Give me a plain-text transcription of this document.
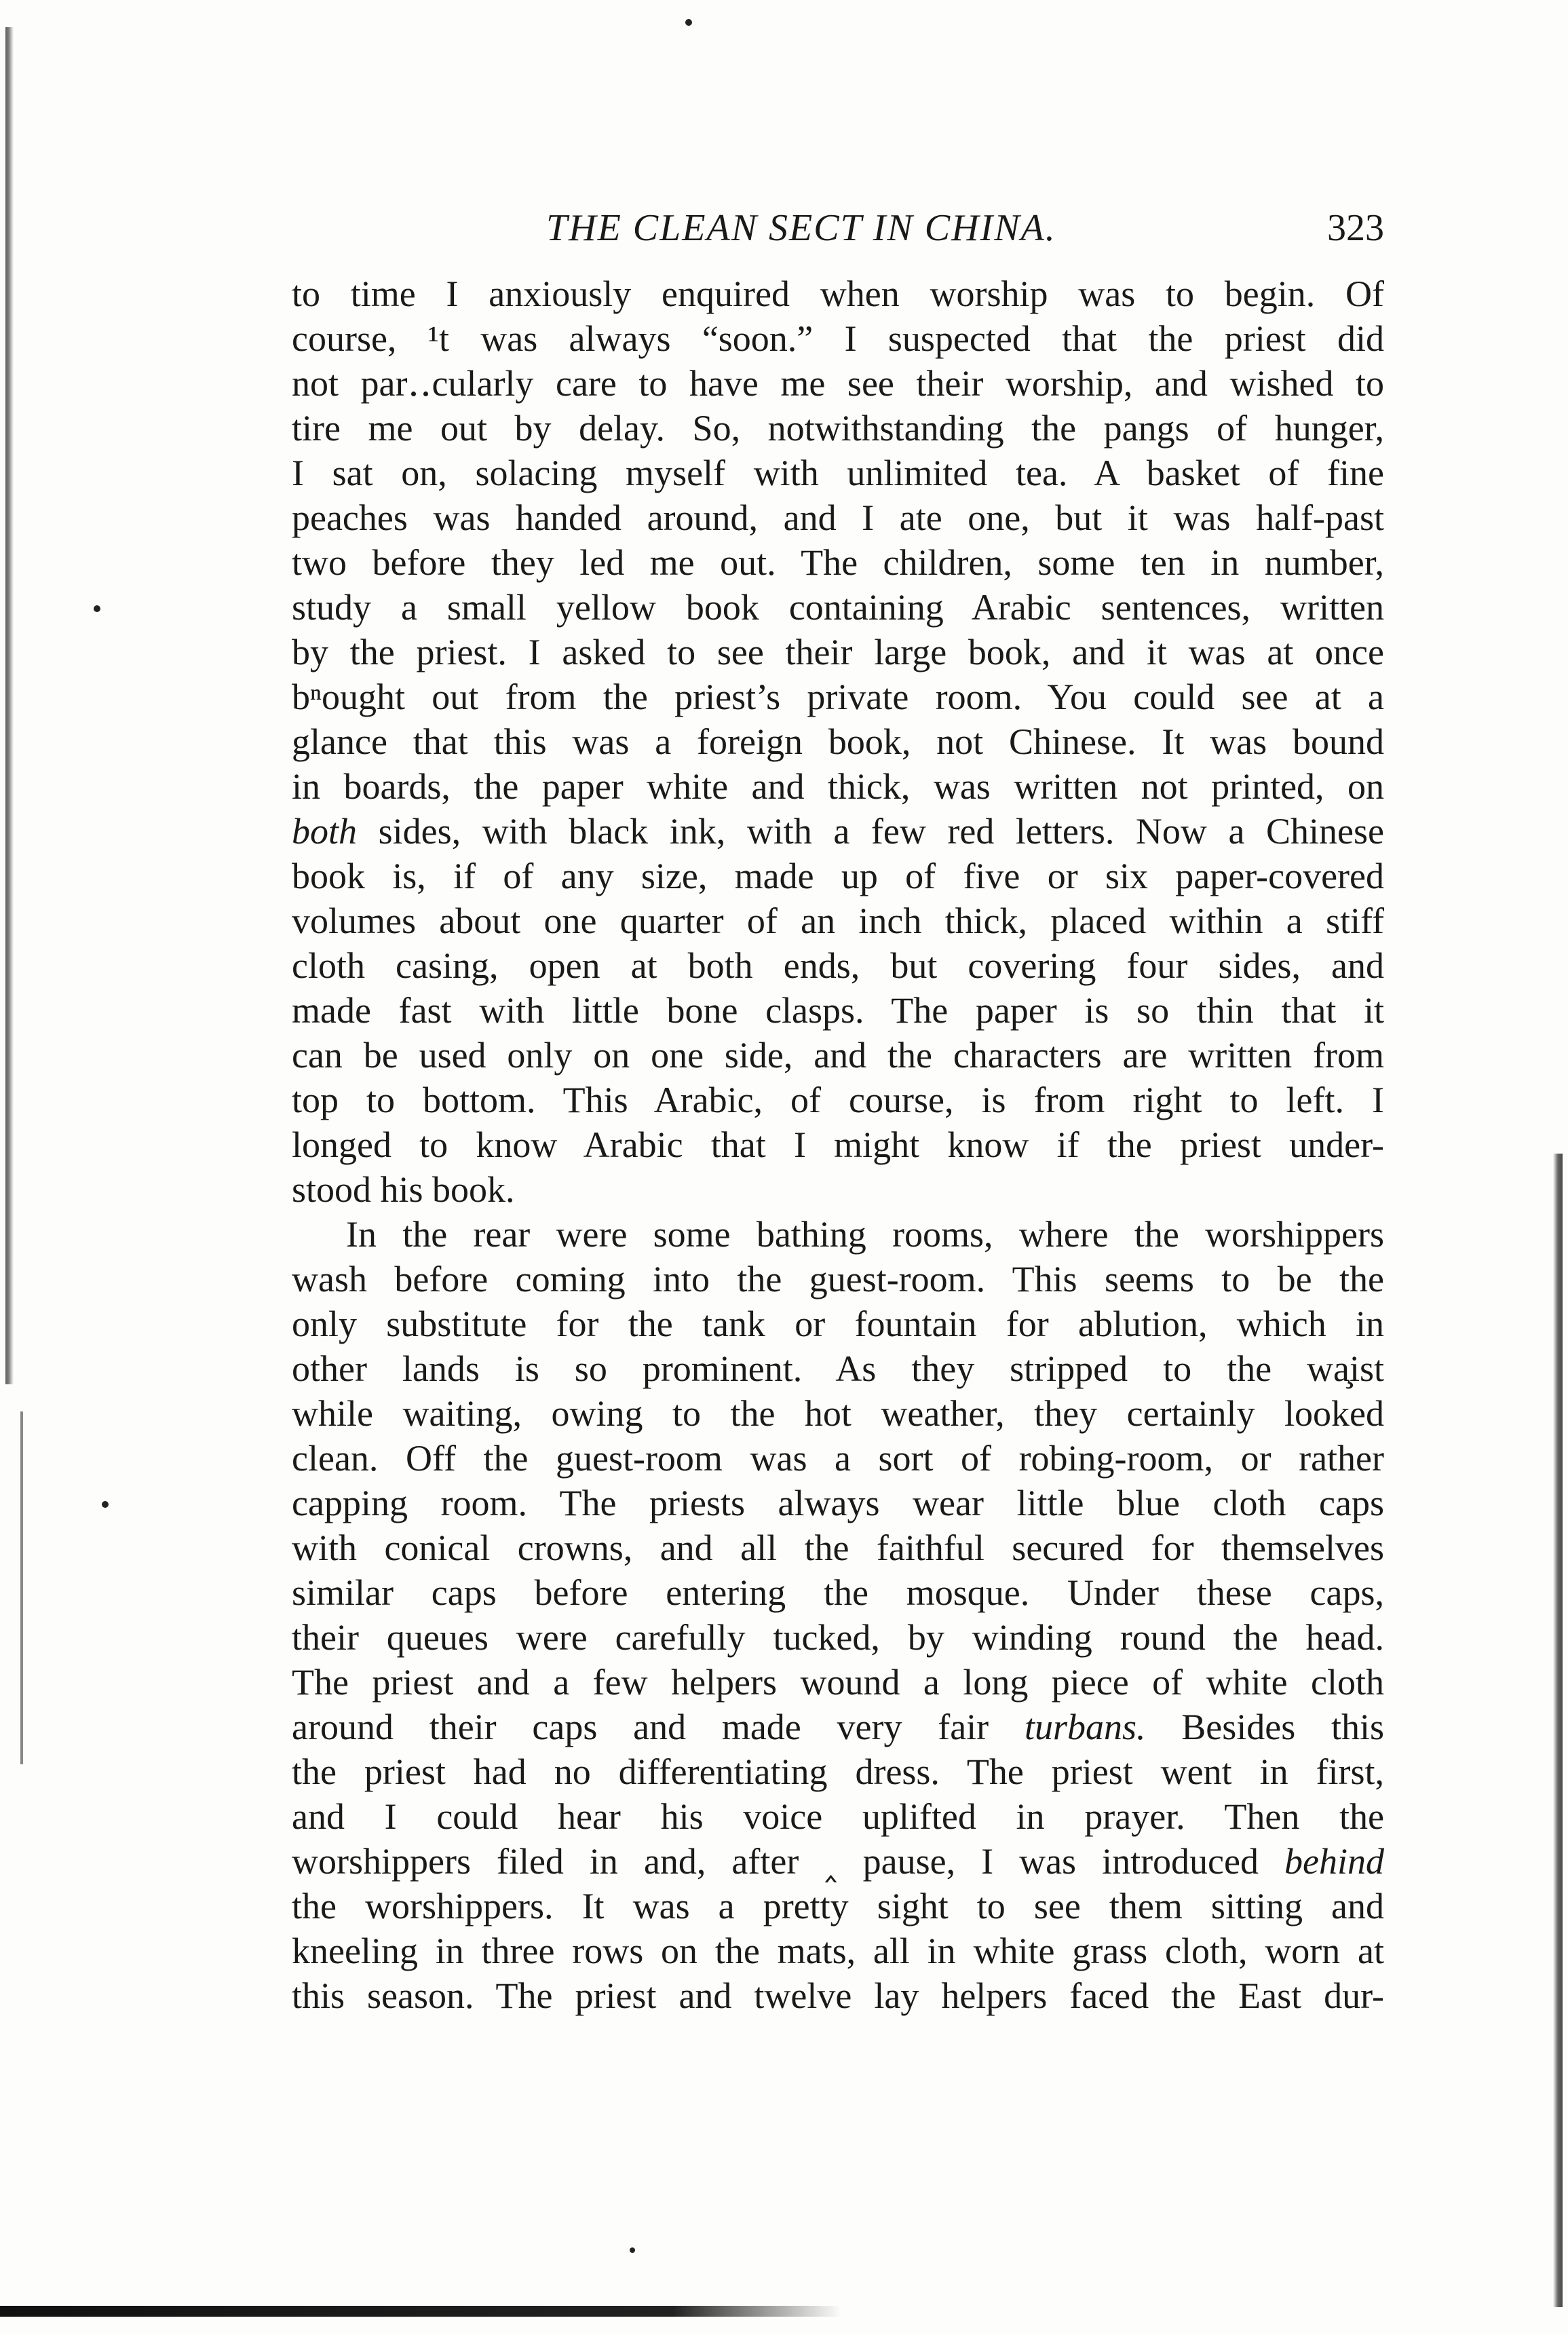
THE CLEAN SECT IN CHINA.	323
to time I anxiously enquired when worship was to begin. Of
course, ¹t was always “soon.” I suspected that the priest did
not par‥cularly care to have me see their worship, and wished to
tire me out by delay. So, notwithstanding the pangs of hunger,
I sat on, solacing myself with unlimited tea. A basket of fine
peaches was handed around, and I ate one, but it was half-past
two before they led me out. The children, some ten in number,
study a small yellow book containing Arabic sentences, written
by the priest. I asked to see their large book, and it was at once
bⁿought out from the priest’s private room. You could see at a
glance that this was a foreign book, not Chinese. It was bound
in boards, the paper white and thick, was written not printed, on
both sides, with black ink, with a few red letters. Now a Chinese
book is, if of any size, made up of five or six paper-covered
volumes about one quarter of an inch thick, placed within a stiff
cloth casing, open at both ends, but covering four sides, and
made fast with little bone clasps. The paper is so thin that it
can be used only on one side, and the characters are written from
top to bottom. This Arabic, of course, is from right to left. I
longed to know Arabic that I might know if the priest under-
stood his book.
In the rear were some bathing rooms, where the worshippers
wash before coming into the guest-room. This seems to be the
only substitute for the tank or fountain for ablution, which in
other lands is so prominent. As they stripped to the wa̧ist
while waiting, owing to the hot weather, they certainly looked
clean. Off the guest-room was a sort of robing-room, or rather
capping room. The priests always wear little blue cloth caps
with conical crowns, and all the faithful secured for themselves
similar caps before entering the mosque. Under these caps,
their queues were carefully tucked, by winding round the head.
The priest and a few helpers wound a long piece of white cloth
around their caps and made very fair turbans. Besides this
the priest had no differentiating dress. The priest went in first,
and I could hear his voice uplifted in prayer. Then the
worshippers filed in and, after ‸ pause, I was introduced behind
the worshippers. It was a pretty sight to see them sitting and
kneeling in three rows on the mats, all in white grass cloth, worn at
this season. The priest and twelve lay helpers faced the East dur-
